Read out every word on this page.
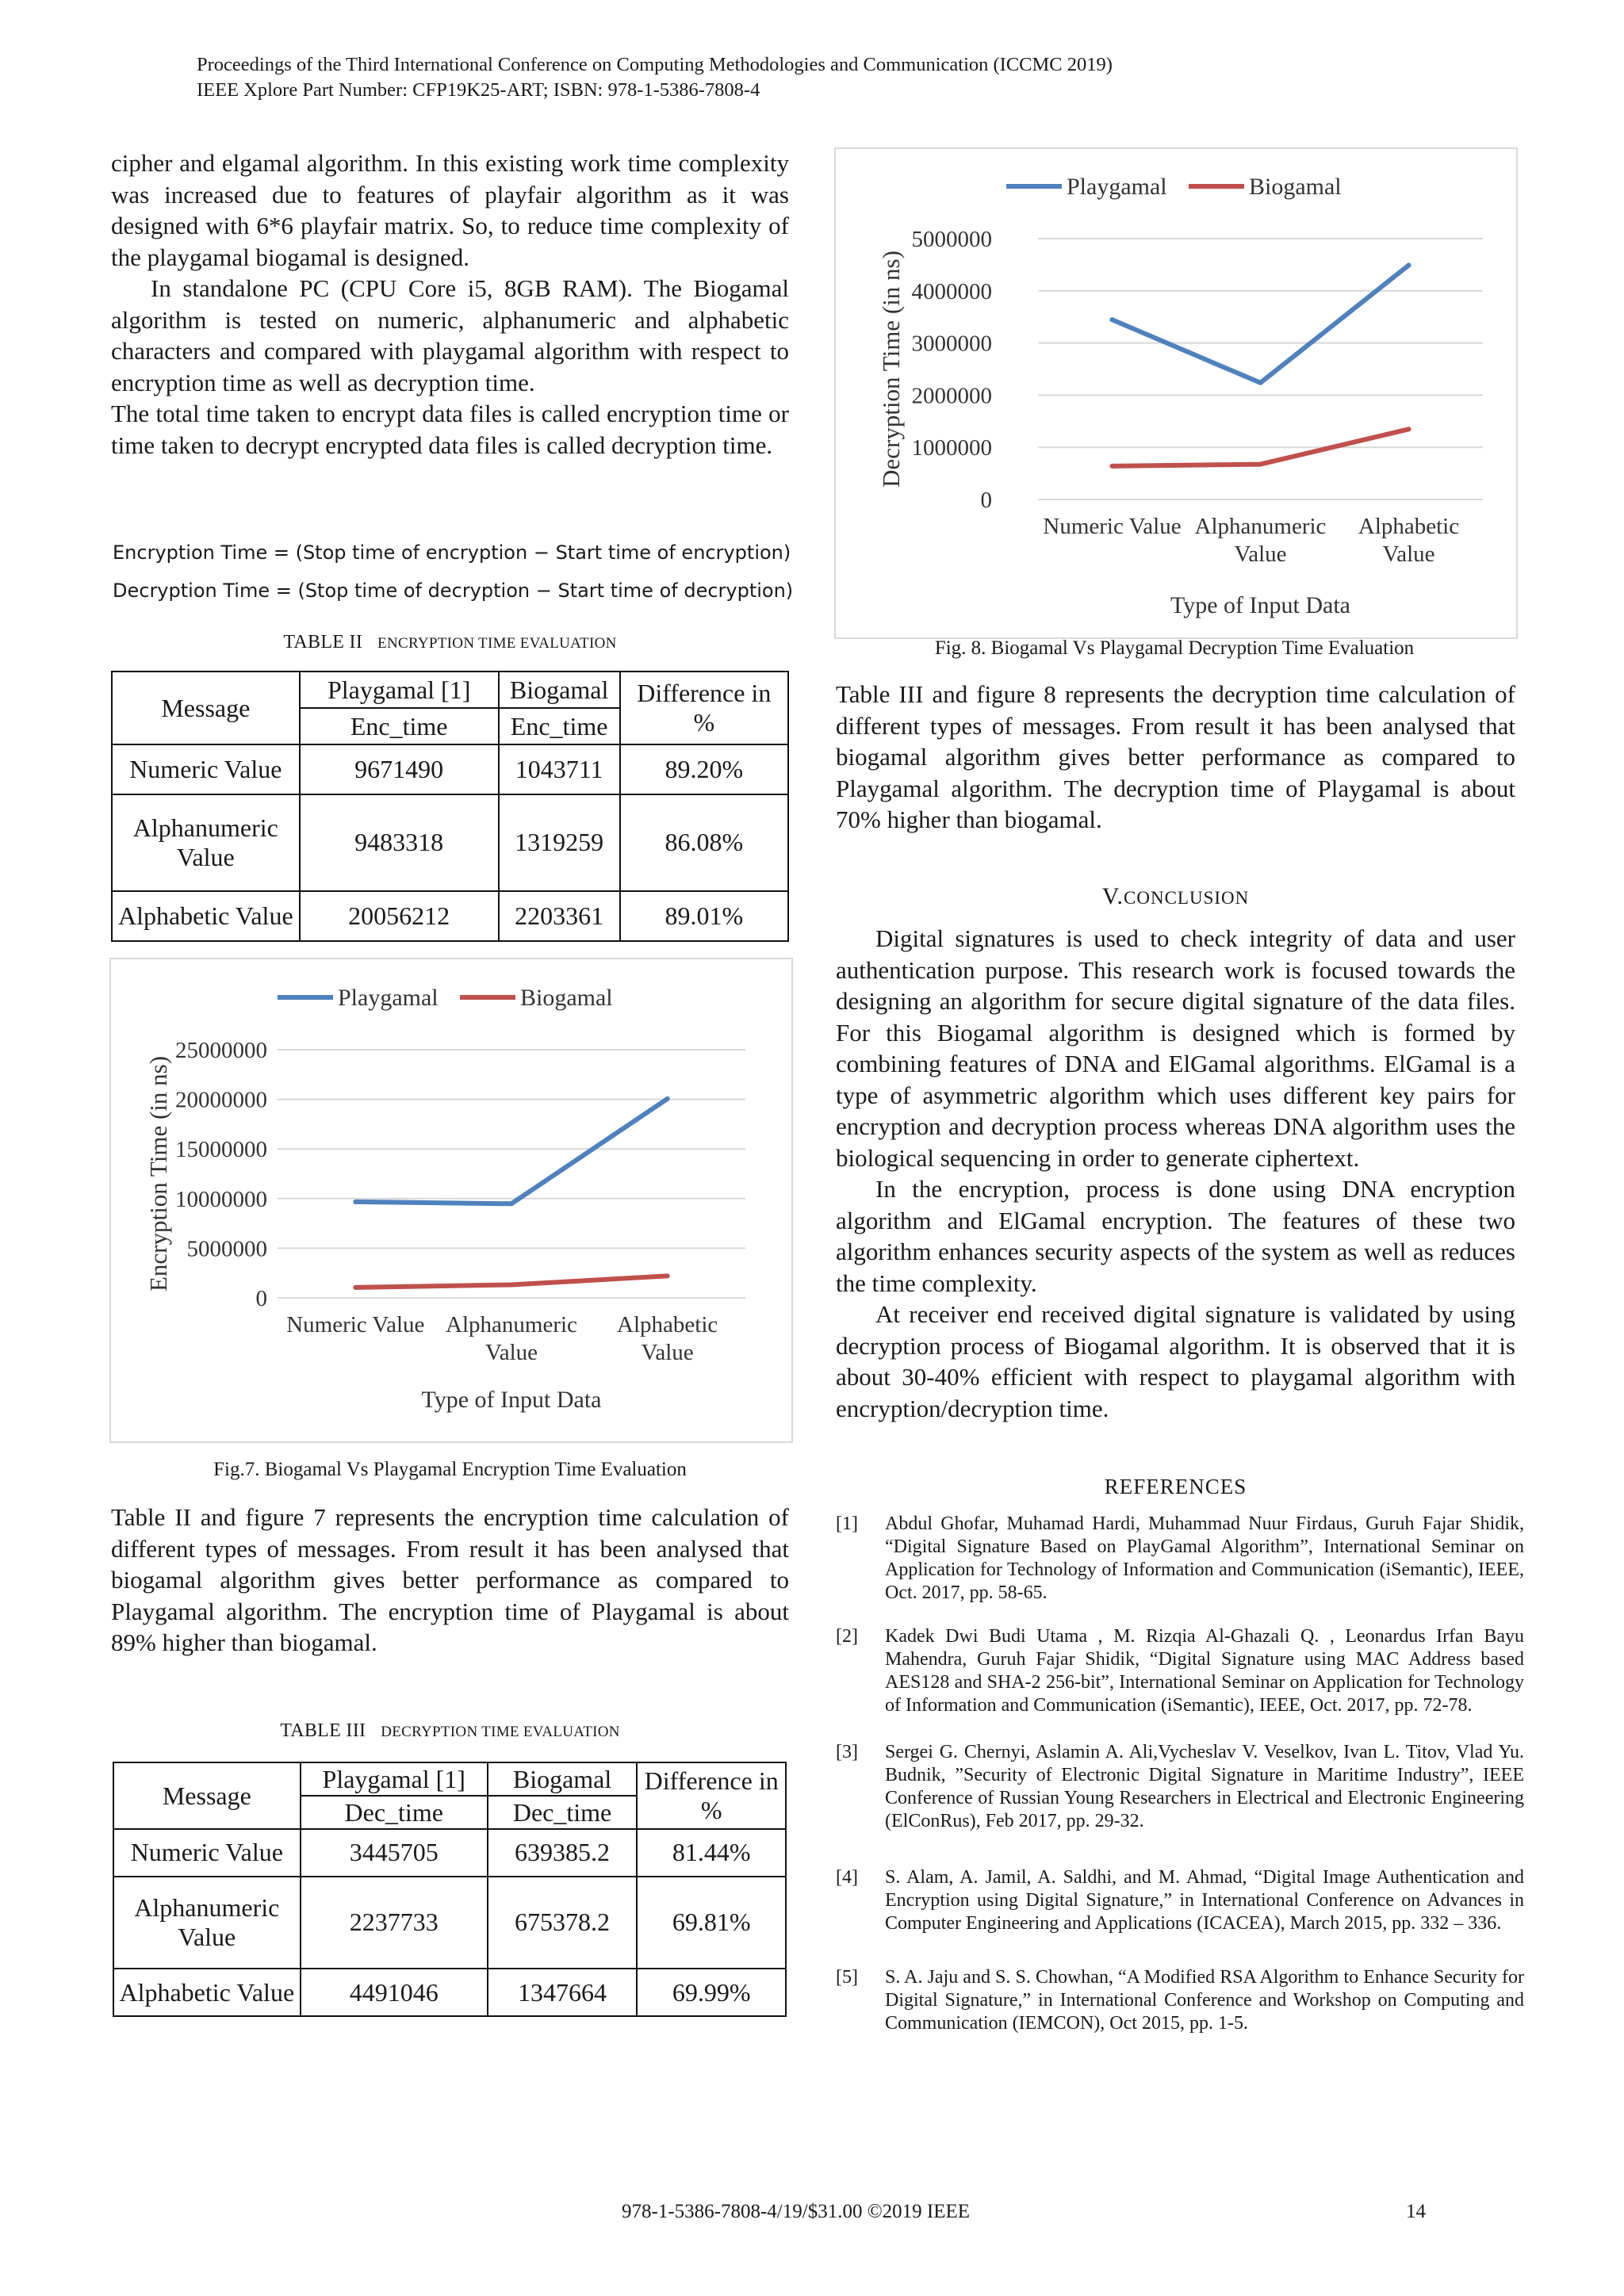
Proceedings of the Third International Conference on Computing Methodologies and Communication (ICCMC 2019)
IEEE Xplore Part Number: CFP19K25-ART; ISBN: 978-1-5386-7808-4

cipher and elgamal algorithm. In this existing work time complexity was increased due to features of playfair algorithm as it was designed with 6*6 playfair matrix. So, to reduce time complexity of the playgamal biogamal is designed.

In standalone PC (CPU Core i5, 8GB RAM). The Biogamal algorithm is tested on numeric, alphanumeric and alphabetic characters and compared with playgamal algorithm with respect to encryption time as well as decryption time.

The total time taken to encrypt data files is called encryption time or time taken to decrypt encrypted data files is called decryption time.

Encryption Time = (Stop time of encryption − Start time of encryption)
Decryption Time = (Stop time of decryption − Start time of decryption)
TABLE II ENCRYPTION TIME EVALUATION
Message	Playgamal [1]	Biogamal	Difference in %
	Enc_time	Enc_time	
Numeric Value	9671490	1043711	89.20%
Alphanumeric Value	9483318	1319259	86.08%
Alphabetic Value	20056212	2203361	89.01%
0
5000000
10000000
15000000
20000000
25000000
Numeric Value Alphanumeric
Value
Alphabetic
Value
Type of Input Data
Encryption Time (in ns)
Playgamal	Biogamal
Fig.7. Biogamal Vs Playgamal Encryption Time Evaluation

Table II and figure 7 represents the encryption time calculation of different types of messages. From result it has been analysed that biogamal algorithm gives better performance as compared to Playgamal algorithm. The encryption time of Playgamal is about 89% higher than biogamal.

TABLE III DECRYPTION TIME EVALUATION
Message	Playgamal [1]	Biogamal	Difference in %
	Dec_time	Dec_time	
Numeric Value	3445705	639385.2	81.44%
Alphanumeric Value	2237733	675378.2	69.81%
Alphabetic Value	4491046	1347664	69.99%
0
1000000
2000000
3000000
4000000
5000000
Numeric Value Alphanumeric
Value
Alphabetic
Value
Type of Input Data
Decryption Time (in ns)
Playgamal	Biogamal
Fig. 8. Biogamal Vs Playgamal Decryption Time Evaluation

Table III and figure 8 represents the decryption time calculation of different types of messages. From result it has been analysed that biogamal algorithm gives better performance as compared to Playgamal algorithm. The decryption time of Playgamal is about 70% higher than biogamal.

V.CONCLUSION

Digital signatures is used to check integrity of data and user authentication purpose. This research work is focused towards the designing an algorithm for secure digital signature of the data files. For this Biogamal algorithm is designed which is formed by combining features of DNA and ElGamal algorithms. ElGamal is a type of asymmetric algorithm which uses different key pairs for encryption and decryption process whereas DNA algorithm uses the biological sequencing in order to generate ciphertext.

In the encryption, process is done using DNA encryption algorithm and ElGamal encryption. The features of these two algorithm enhances security aspects of the system as well as reduces the time complexity.

At receiver end received digital signature is validated by using decryption process of Biogamal algorithm. It is observed that it is about 30-40% efficient with respect to playgamal algorithm with encryption/decryption time.

REFERENCES
[1] Abdul Ghofar, Muhamad Hardi, Muhammad Nuur Firdaus, Guruh Fajar Shidik, “Digital Signature Based on PlayGamal Algorithm”, International Seminar on Application for Technology of Information and Communication (iSemantic), IEEE, Oct. 2017, pp. 58-65.
[2] Kadek Dwi Budi Utama , M. Rizqia Al-Ghazali Q. , Leonardus Irfan Bayu Mahendra, Guruh Fajar Shidik, “Digital Signature using MAC Address based AES128 and SHA-2 256-bit”, International Seminar on Application for Technology of Information and Communication (iSemantic), IEEE, Oct. 2017, pp. 72-78.
[3] Sergei G. Chernyi, Aslamin A. Ali,Vycheslav V. Veselkov, Ivan L. Titov, Vlad Yu. Budnik, ”Security of Electronic Digital Signature in Maritime Industry”, IEEE Conference of Russian Young Researchers in Electrical and Electronic Engineering (ElConRus), Feb 2017, pp. 29-32.
[4] S. Alam, A. Jamil, A. Saldhi, and M. Ahmad, “Digital Image Authentication and Encryption using Digital Signature,” in International Conference on Advances in Computer Engineering and Applications (ICACEA), March 2015, pp. 332 – 336.
[5] S. A. Jaju and S. S. Chowhan, “A Modified RSA Algorithm to Enhance Security for Digital Signature,” in International Conference and Workshop on Computing and Communication (IEMCON), Oct 2015, pp. 1-5.
978-1-5386-7808-4/19/$31.00 ©2019 IEEE	14
